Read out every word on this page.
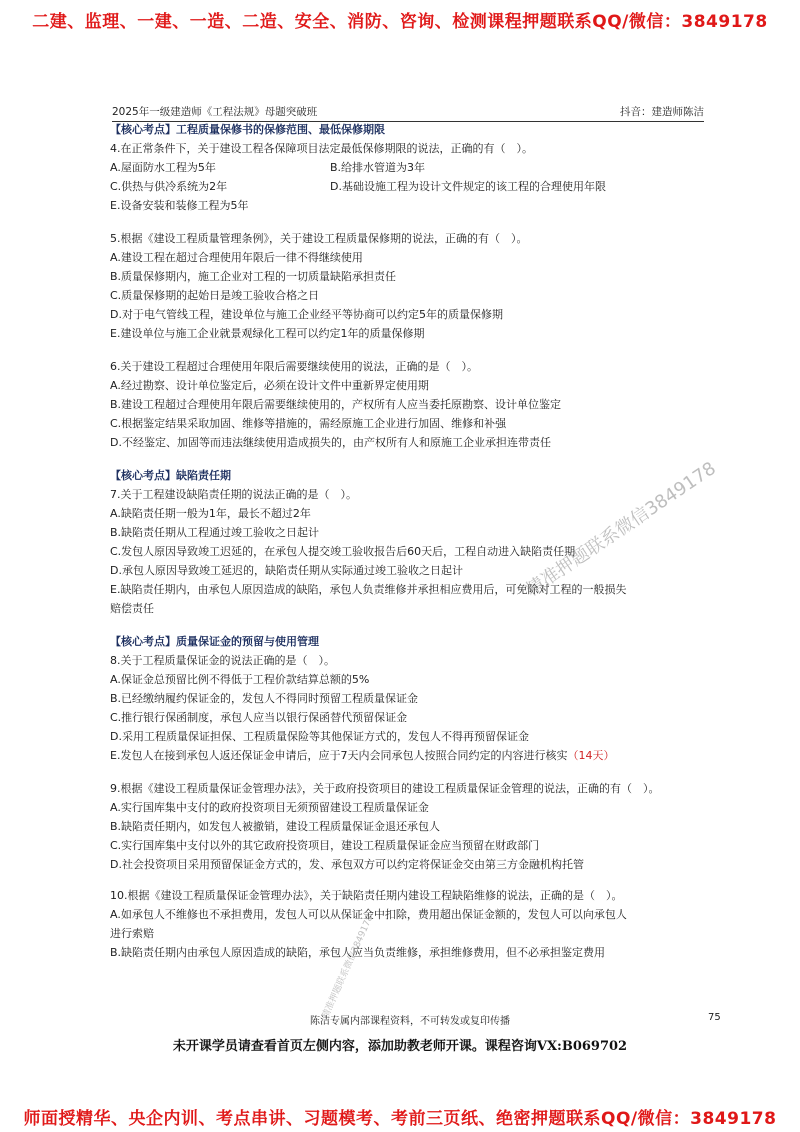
二建、监理、一建、一造、二造、安全、消防、咨询、检测课程押题联系QQ/微信：3849178
2025年一级建造师《工程法规》母题突破班	抖音：建造师陈洁
【核心考点】工程质量保修书的保修范围、最低保修期限
4.在正常条件下，关于建设工程各保障项目法定最低保修期限的说法，正确的有（　）。
A.屋面防水工程为5年	B.给排水管道为3年
C.供热与供冷系统为2年	D.基础设施工程为设计文件规定的该工程的合理使用年限
E.设备安装和装修工程为5年
5.根据《建设工程质量管理条例》，关于建设工程质量保修期的说法，正确的有（　）。
A.建设工程在超过合理使用年限后一律不得继续使用
B.质量保修期内，施工企业对工程的一切质量缺陷承担责任
C.质量保修期的起始日是竣工验收合格之日
D.对于电气管线工程，建设单位与施工企业经平等协商可以约定5年的质量保修期
E.建设单位与施工企业就景观绿化工程可以约定1年的质量保修期
6.关于建设工程超过合理使用年限后需要继续使用的说法，正确的是（　）。
A.经过勘察、设计单位鉴定后，必须在设计文件中重新界定使用期
B.建设工程超过合理使用年限后需要继续使用的，产权所有人应当委托原勘察、设计单位鉴定
C.根据鉴定结果采取加固、维修等措施的，需经原施工企业进行加固、维修和补强
D.不经鉴定、加固等而违法继续使用造成损失的，由产权所有人和原施工企业承担连带责任
【核心考点】缺陷责任期
7.关于工程建设缺陷责任期的说法正确的是（　）。
A.缺陷责任期一般为1年，最长不超过2年
B.缺陷责任期从工程通过竣工验收之日起计
C.发包人原因导致竣工迟延的，在承包人提交竣工验收报告后60天后，工程自动进入缺陷责任期
D.承包人原因导致竣工延迟的，缺陷责任期从实际通过竣工验收之日起计
E.缺陷责任期内，由承包人原因造成的缺陷，承包人负责维修并承担相应费用后，可免除对工程的一般损失
赔偿责任
【核心考点】质量保证金的预留与使用管理
8.关于工程质量保证金的说法正确的是（　）。
A.保证金总预留比例不得低于工程价款结算总额的5%
B.已经缴纳履约保证金的，发包人不得同时预留工程质量保证金
C.推行银行保函制度，承包人应当以银行保函替代预留保证金
D.采用工程质量保证担保、工程质量保险等其他保证方式的，发包人不得再预留保证金
E.发包人在接到承包人返还保证金申请后，应于7天内会同承包人按照合同约定的内容进行核实（14天）
9.根据《建设工程质量保证金管理办法》，关于政府投资项目的建设工程质量保证金管理的说法，正确的有（　）。
A.实行国库集中支付的政府投资项目无须预留建设工程质量保证金
B.缺陷责任期内，如发包人被撤销，建设工程质量保证金退还承包人
C.实行国库集中支付以外的其它政府投资项目，建设工程质量保证金应当预留在财政部门
D.社会投资项目采用预留保证金方式的，发、承包双方可以约定将保证金交由第三方金融机构托管
10.根据《建设工程质量保证金管理办法》，关于缺陷责任期内建设工程缺陷维修的说法，正确的是（　）。
A.如承包人不维修也不承担费用，发包人可以从保证金中扣除，费用超出保证金额的，发包人可以向承包人
进行索赔
B.缺陷责任期内由承包人原因造成的缺陷，承包人应当负责维修，承担维修费用，但不必承担鉴定费用
精准押题联系微信3849178
精准押题联系微信3849178
陈洁专属内部课程资料，不可转发或复印传播	75
未开课学员请查看首页左侧内容，添加助教老师开课。课程咨询VX:B069702
师面授精华、央企内训、考点串讲、习题模考、考前三页纸、绝密押题联系QQ/微信：3849178
